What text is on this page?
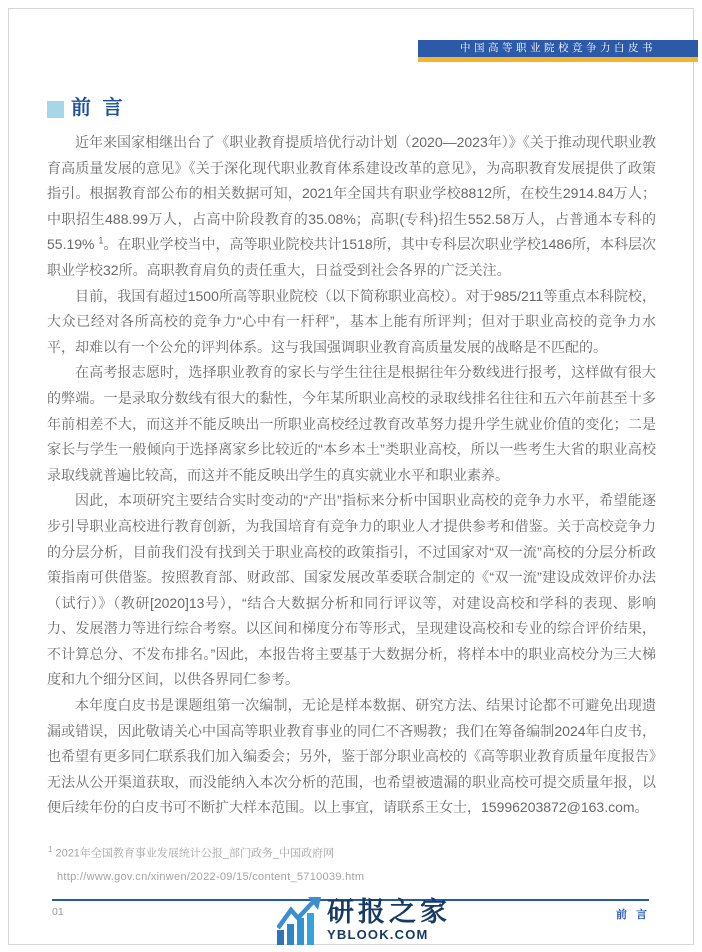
中国高等职业院校竞争力白皮书
前 言

近年来国家相继出台了《职业教育提质培优行动计划（2020—2023年）》《关于推动现代职业教育高质量发展的意见》《关于深化现代职业教育体系建设改革的意见》，为高职教育发展提供了政策指引。根据教育部公布的相关数据可知，2021年全国共有职业学校8812所，在校生2914.84万人；中职招生488.99万人，占高中阶段教育的35.08%；高职(专科)招生552.58万人，占普通本专科的55.19% $^1$。在职业学校当中，高等职业院校共计1518所，其中专科层次职业学校1486所，本科层次职业学校32所。高职教育肩负的责任重大，日益受到社会各界的广泛关注。

目前，我国有超过1500所高等职业院校（以下简称职业高校）。对于985/211等重点本科院校，大众已经对各所高校的竞争力“心中有一杆秤”，基本上能有所评判；但对于职业高校的竞争力水平，却难以有一个公允的评判体系。这与我国强调职业教育高质量发展的战略是不匹配的。

在高考报志愿时，选择职业教育的家长与学生往往是根据往年分数线进行报考，这样做有很大的弊端。一是录取分数线有很大的黏性，今年某所职业高校的录取线排名往往和五六年前甚至十多年前相差不大，而这并不能反映出一所职业高校经过教育改革努力提升学生就业价值的变化；二是家长与学生一般倾向于选择离家乡比较近的“本乡本土”类职业高校，所以一些考生大省的职业高校录取线就普遍比较高，而这并不能反映出学生的真实就业水平和职业素养。

因此，本项研究主要结合实时变动的“产出”指标来分析中国职业高校的竞争力水平，希望能逐步引导职业高校进行教育创新，为我国培育有竞争力的职业人才提供参考和借鉴。关于高校竞争力的分层分析，目前我们没有找到关于职业高校的政策指引，不过国家对“双一流”高校的分层分析政策指南可供借鉴。按照教育部、财政部、国家发展改革委联合制定的《“双一流”建设成效评价办法（试行）》（教研[2020]13号），“结合大数据分析和同行评议等，对建设高校和学科的表现、影响力、发展潜力等进行综合考察。以区间和梯度分布等形式，呈现建设高校和专业的综合评价结果，不计算总分、不发布排名。”因此，本报告将主要基于大数据分析，将样本中的职业高校分为三大梯度和九个细分区间，以供各界同仁参考。

本年度白皮书是课题组第一次编制，无论是样本数据、研究方法、结果讨论都不可避免出现遗漏或错误，因此敬请关心中国高等职业教育事业的同仁不吝赐教；我们在筹备编制2024年白皮书，也希望有更多同仁联系我们加入编委会；另外，鉴于部分职业高校的《高等职业教育质量年度报告》无法从公开渠道获取，而没能纳入本次分析的范围，也希望被遗漏的职业高校可提交质量年报，以便后续年份的白皮书可不断扩大样本范围。以上事宜，请联系王女士，15996203872@163.com。

$^1$ 2021年全国教育事业发展统计公报_部门政务_中国政府网
http://www.gov.cn/xinwen/2022-09/15/content_5710039.htm
01	研报之家
YBLOOK.COM
前 言
